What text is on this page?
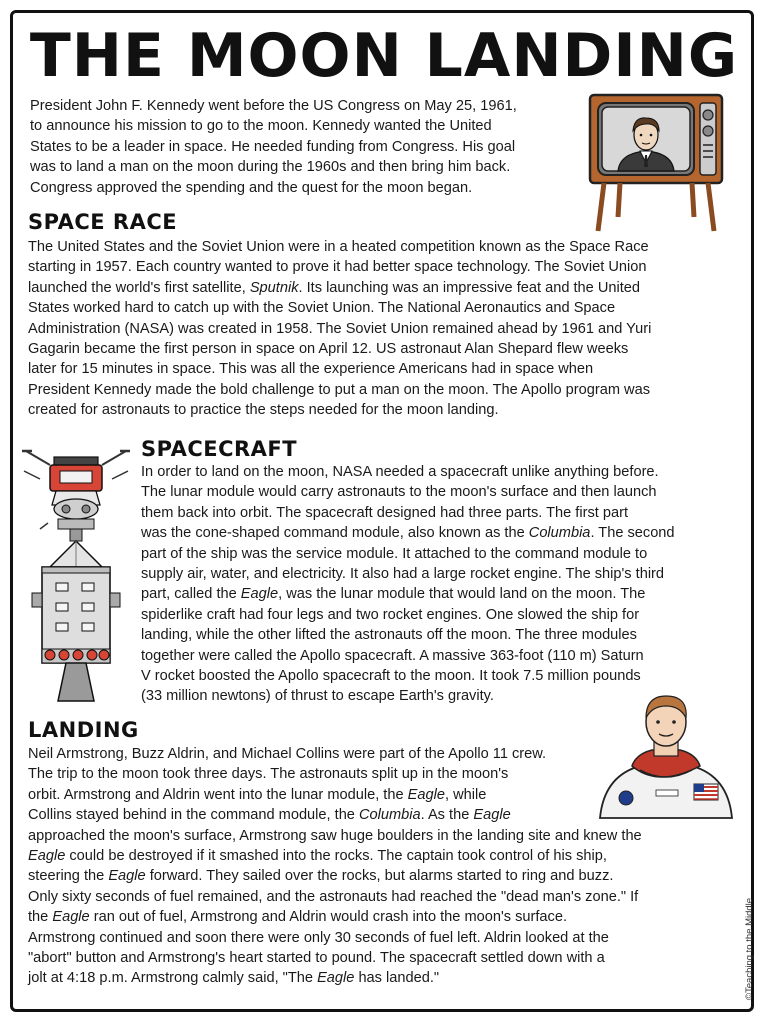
THE MOON LANDING

President John F. Kennedy went before the US Congress on May 25, 1961,

to announce his mission to go to the moon. Kennedy wanted the United

States to be a leader in space. He needed funding from Congress. His goal

was to land a man on the moon during the 1960s and then bring him back.

Congress approved the spending and the quest for the moon began.

SPACE RACE

The United States and the Soviet Union were in a heated competition known as the Space Race

starting in 1957. Each country wanted to prove it had better space technology. The Soviet Union

launched the world's first satellite, Sputnik. Its launching was an impressive feat and the United

States worked hard to catch up with the Soviet Union. The National Aeronautics and Space

Administration (NASA) was created in 1958. The Soviet Union remained ahead by 1961 and Yuri

Gagarin became the first person in space on April 12. US astronaut Alan Shepard flew weeks

later for 15 minutes in space. This was all the experience Americans had in space when

President Kennedy made the bold challenge to put a man on the moon. The Apollo program was

created for astronauts to practice the steps needed for the moon landing.

SPACECRAFT

In order to land on the moon, NASA needed a spacecraft unlike anything before.

The lunar module would carry astronauts to the moon's surface and then launch

them back into orbit. The spacecraft designed had three parts. The first part

was the cone-shaped command module, also known as the Columbia. The second

part of the ship was the service module. It attached to the command module to

supply air, water, and electricity. It also had a large rocket engine. The ship's third

part, called the Eagle, was the lunar module that would land on the moon. The

spiderlike craft had four legs and two rocket engines. One slowed the ship for

landing, while the other lifted the astronauts off the moon. The three modules

together were called the Apollo spacecraft. A massive 363-foot (110 m) Saturn

V rocket boosted the Apollo spacecraft to the moon. It took 7.5 million pounds

(33 million newtons) of thrust to escape Earth's gravity.

LANDING

Neil Armstrong, Buzz Aldrin, and Michael Collins were part of the Apollo 11 crew.

The trip to the moon took three days. The astronauts split up in the moon's

orbit. Armstrong and Aldrin went into the lunar module, the Eagle, while

Collins stayed behind in the command module, the Columbia. As the Eagle

approached the moon's surface, Armstrong saw huge boulders in the landing site and knew the

Eagle could be destroyed if it smashed into the rocks. The captain took control of his ship,

steering the Eagle forward. They sailed over the rocks, but alarms started to ring and buzz.

Only sixty seconds of fuel remained, and the astronauts had reached the "dead man's zone." If

the Eagle ran out of fuel, Armstrong and Aldrin would crash into the moon's surface.

Armstrong continued and soon there were only 30 seconds of fuel left. Aldrin looked at the

"abort" button and Armstrong's heart started to pound. The spacecraft settled down with a

jolt at 4:18 p.m. Armstrong calmly said, "The Eagle has landed."	©Teaching to the Middle
